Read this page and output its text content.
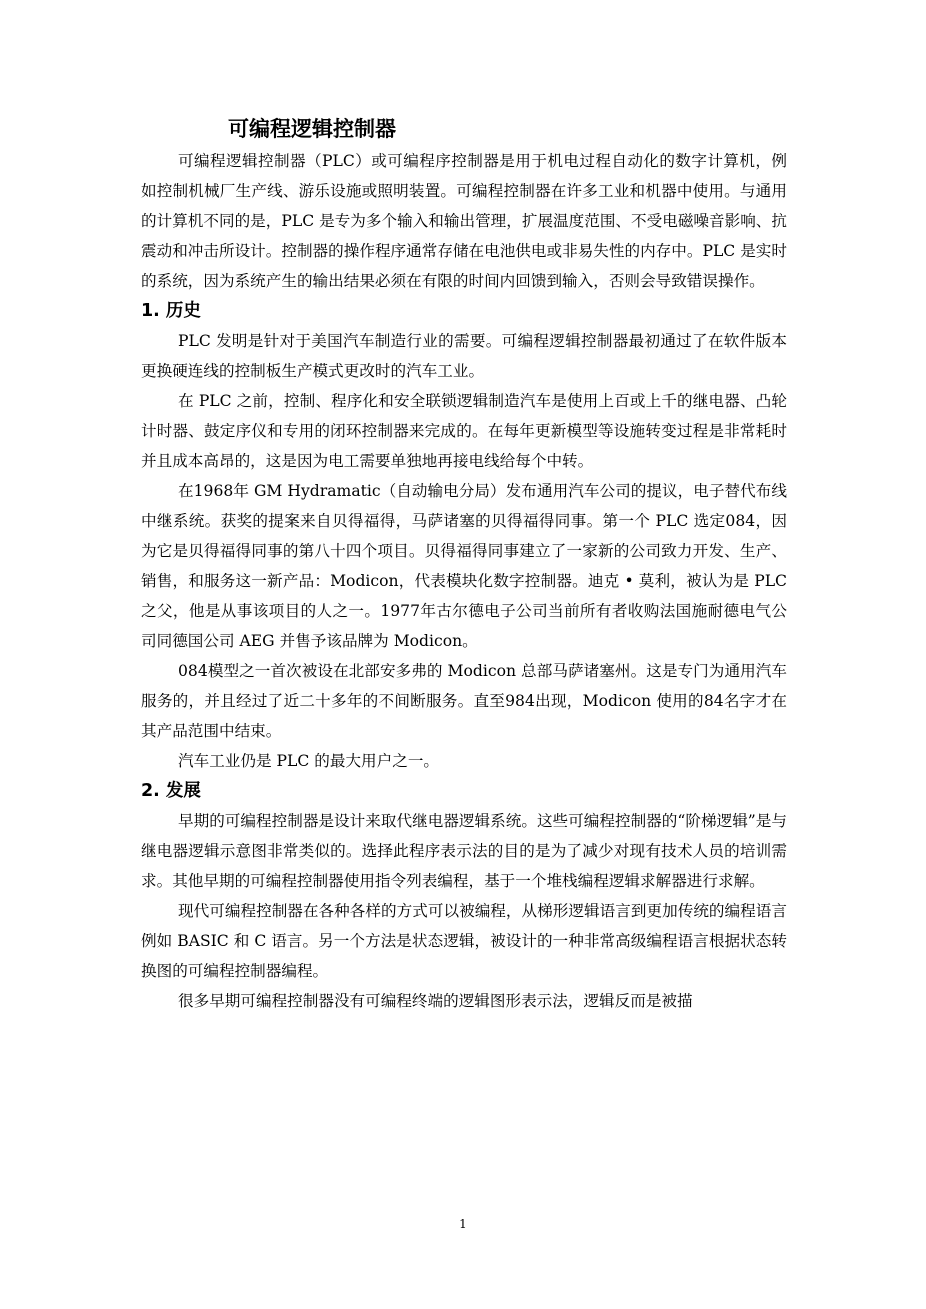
可编程逻辑控制器

可编程逻辑控制器（PLC）或可编程序控制器是用于机电过程自动化的数字计算机，例如控制机械厂生产线、游乐设施或照明装置。可编程控制器在许多工业和机器中使用。与通用的计算机不同的是，PLC 是专为多个输入和输出管理，扩展温度范围、不受电磁噪音影响、抗震动和冲击所设计。控制器的操作程序通常存储在电池供电或非易失性的内存中。PLC 是实时的系统，因为系统产生的输出结果必须在有限的时间内回馈到输入，否则会导致错误操作。

1. 历史

PLC 发明是针对于美国汽车制造行业的需要。可编程逻辑控制器最初通过了在软件版本更换硬连线的控制板生产模式更改时的汽车工业。

在 PLC 之前，控制、程序化和安全联锁逻辑制造汽车是使用上百或上千的继电器、凸轮计时器、鼓定序仪和专用的闭环控制器来完成的。在每年更新模型等设施转变过程是非常耗时并且成本高昂的，这是因为电工需要单独地再接电线给每个中转。

在1968年 GM Hydramatic（自动输电分局）发布通用汽车公司的提议，电子替代布线中继系统。获奖的提案来自贝得福得，马萨诸塞的贝得福得同事。第一个 PLC 选定084，因为它是贝得福得同事的第八十四个项目。贝得福得同事建立了一家新的公司致力开发、生产、销售，和服务这一新产品：Modicon，代表模块化数字控制器。迪克 • 莫利，被认为是 PLC 之父，他是从事该项目的人之一。1977年古尔德电子公司当前所有者收购法国施耐德电气公司同德国公司 AEG 并售予该品牌为 Modicon。

084模型之一首次被设在北部安多弗的 Modicon 总部马萨诸塞州。这是专门为通用汽车服务的，并且经过了近二十多年的不间断服务。直至984出现，Modicon 使用的84名字才在其产品范围中结束。

汽车工业仍是 PLC 的最大用户之一。

2. 发展

早期的可编程控制器是设计来取代继电器逻辑系统。这些可编程控制器的“阶梯逻辑”是与继电器逻辑示意图非常类似的。选择此程序表示法的目的是为了减少对现有技术人员的培训需求。其他早期的可编程控制器使用指令列表编程，基于一个堆栈编程逻辑求解器进行求解。

现代可编程控制器在各种各样的方式可以被编程，从梯形逻辑语言到更加传统的编程语言例如 BASIC 和 C 语言。另一个方法是状态逻辑，被设计的一种非常高级编程语言根据状态转换图的可编程控制器编程。

很多早期可编程控制器没有可编程终端的逻辑图形表示法，逻辑反而是被描

1
